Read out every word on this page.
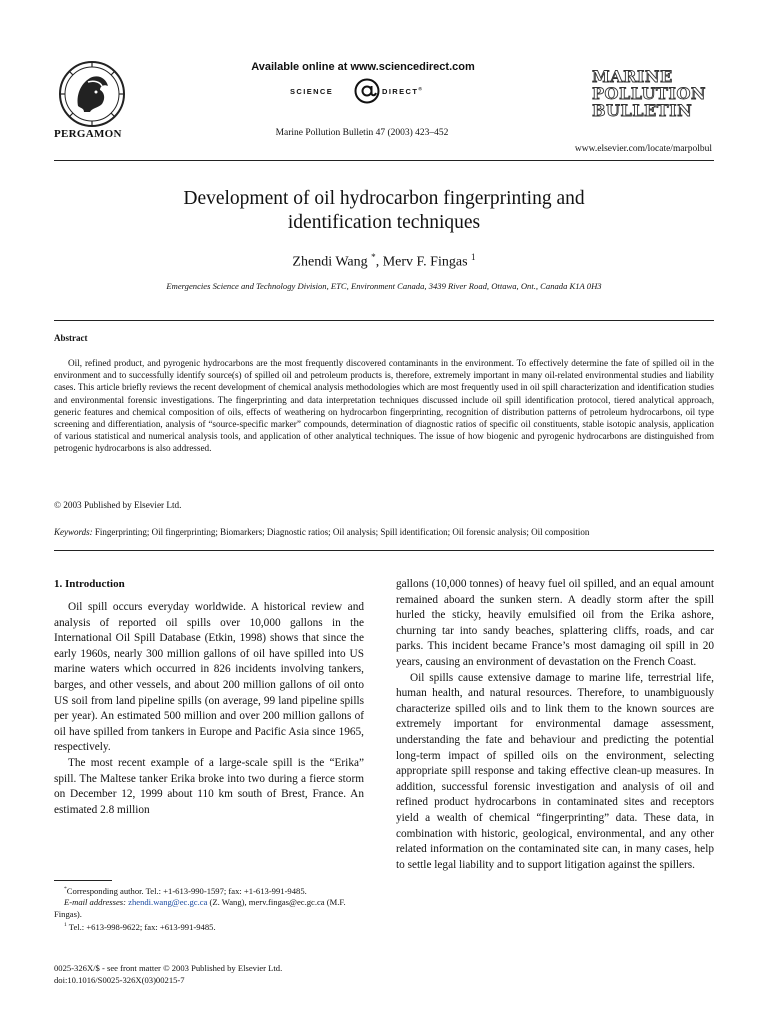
PERGAMON
Available online at www.sciencedirect.com
SCIENCE	DIRECT®
Marine Pollution Bulletin 47 (2003) 423–452
MARINE
POLLUTION
BULLETIN
www.elsevier.com/locate/marpolbul
Development of oil hydrocarbon fingerprinting and
identification techniques
Zhendi Wang *, Merv F. Fingas $^1$
Emergencies Science and Technology Division, ETC, Environment Canada, 3439 River Road, Ottawa, Ont., Canada K1A 0H3
Abstract
Oil, refined product, and pyrogenic hydrocarbons are the most frequently discovered contaminants in the environment. To effectively determine the fate of spilled oil in the environment and to successfully identify source(s) of spilled oil and petroleum products is, therefore, extremely important in many oil-related environmental studies and liability cases. This article briefly reviews the recent development of chemical analysis methodologies which are most frequently used in oil spill characterization and identification studies and environmental forensic investigations. The fingerprinting and data interpretation techniques discussed include oil spill identification protocol, tiered analytical approach, generic features and chemical composition of oils, effects of weathering on hydrocarbon fingerprinting, recognition of distribution patterns of petroleum hydrocarbons, oil type screening and differentiation, analysis of “source-specific marker” compounds, determination of diagnostic ratios of specific oil constituents, stable isotopic analysis, application of various statistical and numerical analysis tools, and application of other analytical techniques. The issue of how biogenic and pyrogenic hydrocarbons are distinguished from petrogenic hydrocarbons is also addressed.
© 2003 Published by Elsevier Ltd.
Keywords: Fingerprinting; Oil fingerprinting; Biomarkers; Diagnostic ratios; Oil analysis; Spill identification; Oil forensic analysis; Oil composition
1. Introduction

Oil spill occurs everyday worldwide. A historical review and analysis of reported oil spills over 10,000 gallons in the International Oil Spill Database (Etkin, 1998) shows that since the early 1960s, nearly 300 million gallons of oil have spilled into US marine waters which occurred in 826 incidents involving tankers, barges, and other vessels, and about 200 million gallons of oil onto US soil from land pipeline spills (on average, 99 land pipeline spills per year). An estimated 500 million and over 200 million gallons of oil have spilled from tankers in Europe and Pacific Asia since 1965, respectively.

The most recent example of a large-scale spill is the “Erika” spill. The Maltese tanker Erika broke into two during a fierce storm on December 12, 1999 about 110 km south of Brest, France. An estimated 2.8 million

gallons (10,000 tonnes) of heavy fuel oil spilled, and an equal amount remained aboard the sunken stern. A deadly storm after the spill hurled the sticky, heavily emulsified oil from the Erika ashore, churning tar into sandy beaches, splattering cliffs, roads, and car parks. This incident became France’s most damaging oil spill in 20 years, causing an environment of devastation on the French Coast.

Oil spills cause extensive damage to marine life, terrestrial life, human health, and natural resources. Therefore, to unambiguously characterize spilled oils and to link them to the known sources are extremely important for environmental damage assessment, understanding the fate and behaviour and predicting the potential long-term impact of spilled oils on the environment, selecting appropriate spill response and taking effective clean-up measures. In addition, successful forensic investigation and analysis of oil and refined product hydrocarbons in contaminated sites and receptors yield a wealth of chemical “fingerprinting” data. These data, in combination with historic, geological, environmental, and any other related information on the contaminated site can, in many cases, help to settle legal liability and to support litigation against the spillers.

*Corresponding author. Tel.: +1-613-990-1597; fax: +1-613-991-9485.

E-mail addresses: zhendi.wang@ec.gc.ca (Z. Wang), merv.fingas@ec.gc.ca (M.F. Fingas).

$^1$ Tel.: +613-998-9622; fax: +613-991-9485.

0025-326X/$ - see front matter © 2003 Published by Elsevier Ltd.
doi:10.1016/S0025-326X(03)00215-7
